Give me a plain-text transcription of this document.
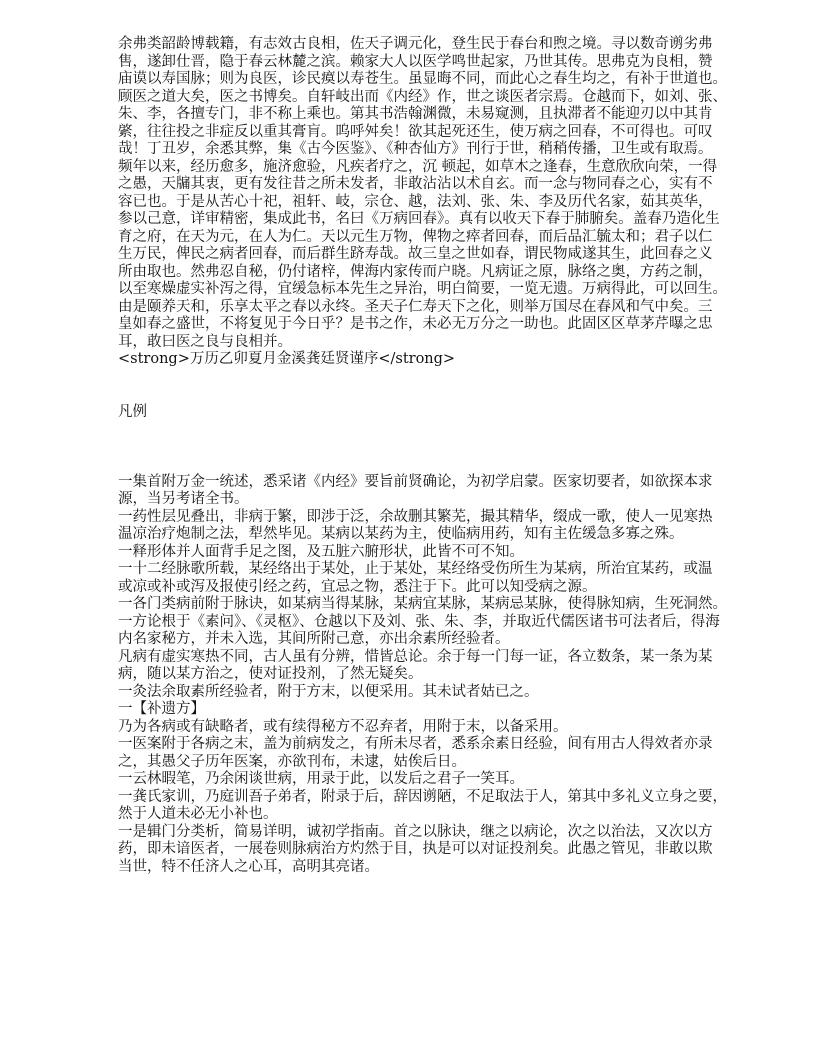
余弗类韶龄博载籍，有志效古良相，佐天子调元化，登生民于春台和煦之境。寻以数奇谫劣弗
售，遂卸仕晋，隐于春云林麓之滨。赖家大人以医学鸣世起家，乃世其传。思弗克为良相，赞
庙谟以寿国脉；则为良医，诊民瘼以寿苍生。虽显晦不同，而此心之春生均之，有补于世道也。
顾医之道大矣，医之书博矣。自轩岐出而《内经》作，世之谈医者宗焉。仓越而下，如刘、张、
朱、李，各擅专门，非不称上乘也。第其书浩翰渊微，未易窥测，且执滞者不能迎刃以中其肯
綮，往往投之非症反以重其膏肓。呜呼舛矣！欲其起死还生，使万病之回春，不可得也。可叹
哉！丁丑岁，余悉其弊，集《古今医鉴》、《种杏仙方》刊行于世，稍稍传播，卫生或有取焉。
频年以来，经历愈多，施济愈验，凡疾者疗之，沉 顿起，如草木之逢春，生意欣欣向荣，一得
之愚，天牖其衷，更有发往昔之所未发者，非敢沾沾以术自玄。而一念与物同春之心，实有不
容已也。于是从苦心十祀，祖轩、岐，宗仓、越，法刘、张、朱、李及历代名家，茹其英华，
参以己意，详审精密，集成此书，名曰《万病回春》。真有以收天下春于肺腑矣。盖春乃造化生
育之府，在天为元，在人为仁。天以元生万物，俾物之瘁者回春，而后品汇毓太和；君子以仁
生万民，俾民之病者回春，而后群生跻寿哉。故三皇之世如春，谓民物咸遂其生，此回春之义
所由取也。然弗忍自秘，仍付诸梓，俾海内家传而户晓。凡病证之原，脉络之奥，方药之制，
以至寒燥虚实补泻之得，宜缓急标本先生之异治，明白简要，一览无遗。万病得此，可以回生。
由是颐养天和，乐享太平之春以永终。圣天子仁寿天下之化，则举万国尽在春风和气中矣。三
皇如春之盛世，不将复见于今日乎？是书之作，未必无万分之一助也。此固区区草茅芹曝之忠
耳，敢曰医之良与良相并。
<strong>万历乙卯夏月金溪龚廷贤谨序</strong>
凡例
一集首附万金一统述，悉采诸《内经》要旨前贤确论，为初学启蒙。医家切要者，如欲探本求
源，当另考诸全书。
一药性层见叠出，非病于繁，即涉于泛，余故删其繁芜，撮其精华，缀成一歌，使人一见寒热
温凉治疗炮制之法，犁然毕见。某病以某药为主，使临病用药，知有主佐缓急多寡之殊。
一释形体并人面背手足之图，及五脏六腑形状，此皆不可不知。
一十二经脉歌所载，某经络出于某处，止于某处，某经络受伤所生为某病，所治宜某药，或温
或凉或补或泻及报使引经之药，宜忌之物，悉注于下。此可以知受病之源。
一各门类病前附于脉诀，如某病当得某脉，某病宜某脉，某病忌某脉，使得脉知病，生死洞然。
一方论根于《素问》、《灵枢》、仓越以下及刘、张、朱、李，并取近代儒医诸书可法者后，得海
内名家秘方，并未入选，其间所附己意，亦出余素所经验者。
凡病有虚实寒热不同，古人虽有分辨，惜皆总论。余于每一门每一证，各立数条，某一条为某
病，随以某方治之，使对证投剂，了然无疑矣。
一灸法余取素所经验者，附于方末，以便采用。其未试者姑已之。
一【补遗方】
乃为各病或有缺略者，或有续得秘方不忍弃者，用附于末，以备采用。
一医案附于各病之末，盖为前病发之，有所未尽者，悉系余素日经验，间有用古人得效者亦录
之，其愚父子历年医案，亦欲刊布，未逮，姑俟后日。
一云林暇笔，乃余闲谈世病，用录于此，以发后之君子一笑耳。
一龚氏家训，乃庭训吾子弟者，附录于后，辞因谫陋，不足取法于人，第其中多礼义立身之要，
然于人道未必无小补也。
一是辑门分类析，简易详明，诚初学指南。首之以脉诀，继之以病论，次之以治法，又次以方
药，即未谙医者，一展卷则脉病治方灼然于目，执是可以对证投剂矣。此愚之管见，非敢以欺
当世，特不任济人之心耳，高明其亮诸。
